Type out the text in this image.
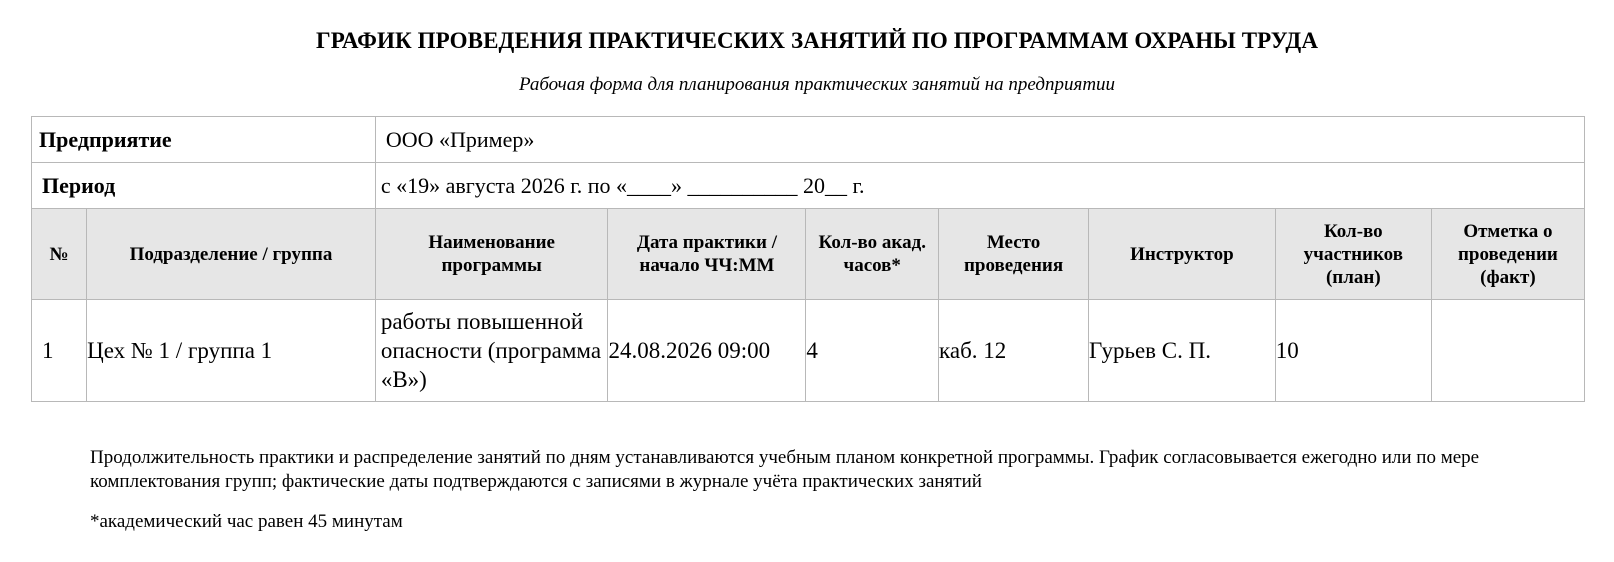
ГРАФИК ПРОВЕДЕНИЯ ПРАКТИЧЕСКИХ ЗАНЯТИЙ ПО ПРОГРАММАМ ОХРАНЫ ТРУДА
Рабочая форма для планирования практических занятий на предприятии
Предприятие		ООО «Пример»						
Период		с «19» августа 2026 г. по «____» __________ 20__ г.						
№	Подразделение / группа	Наименование программы	Дата практики / начало ЧЧ:ММ	Кол-во акад. часов*	Место проведения	Инструктор	Кол-во участников (план)	Отметка о проведении (факт)
1	Цех № 1 / группа 1	работы повышенной опасности (программа «В»)	24.08.2026 09:00	4	каб. 12	Гурьев С. П.	10	
Продолжительность практики и распределение занятий по дням устанавливаются учебным планом конкретной программы. График согласовывается ежегодно или по мере комплектования групп; фактические даты подтверждаются с записями в журнале учёта практических занятий
*академический час равен 45 минутам
